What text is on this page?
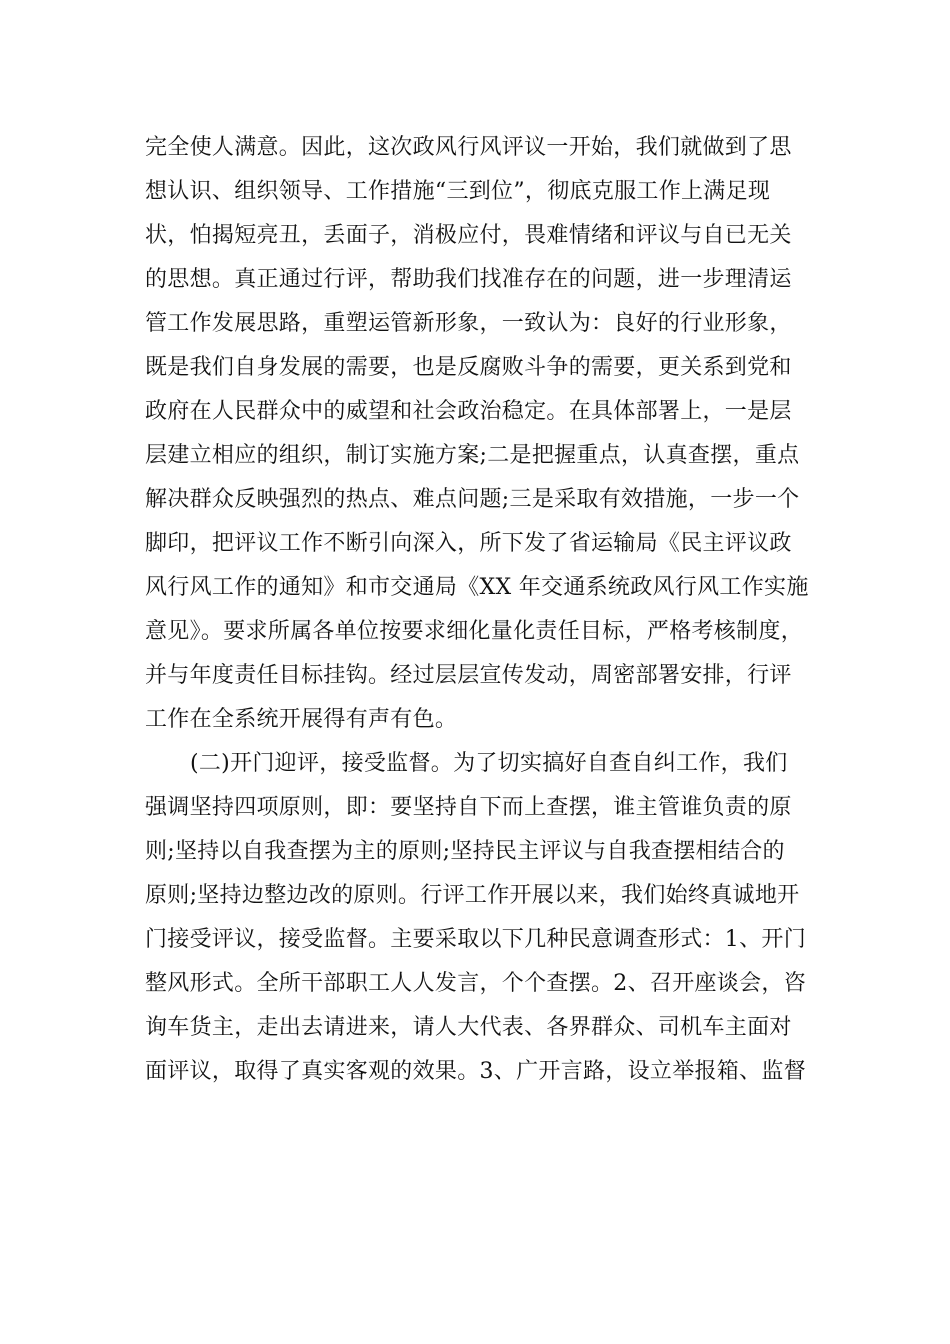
完全使人满意。因此，这次政风行风评议一开始，我们就做到了思
想认识、组织领导、工作措施“三到位”，彻底克服工作上满足现
状，怕揭短亮丑，丢面子，消极应付，畏难情绪和评议与自已无关
的思想。真正通过行评，帮助我们找准存在的问题，进一步理清运
管工作发展思路，重塑运管新形象，一致认为：良好的行业形象，
既是我们自身发展的需要，也是反腐败斗争的需要，更关系到党和
政府在人民群众中的威望和社会政治稳定。在具体部署上，一是层
层建立相应的组织，制订实施方案;二是把握重点，认真查摆，重点
解决群众反映强烈的热点、难点问题;三是采取有效措施，一步一个
脚印，把评议工作不断引向深入，所下发了省运输局《民主评议政
风行风工作的通知》和市交通局《XX 年交通系统政风行风工作实施
意见》。要求所属各单位按要求细化量化责任目标，严格考核制度，
并与年度责任目标挂钩。经过层层宣传发动，周密部署安排，行评
工作在全系统开展得有声有色。
(二)开门迎评，接受监督。为了切实搞好自查自纠工作，我们
强调坚持四项原则，即：要坚持自下而上查摆，谁主管谁负责的原
则;坚持以自我查摆为主的原则;坚持民主评议与自我查摆相结合的
原则;坚持边整边改的原则。行评工作开展以来，我们始终真诚地开
门接受评议，接受监督。主要采取以下几种民意调查形式：1、开门
整风形式。全所干部职工人人发言，个个查摆。2、召开座谈会，咨
询车货主，走出去请进来，请人大代表、各界群众、司机车主面对
面评议，取得了真实客观的效果。3、广开言路，设立举报箱、监督
